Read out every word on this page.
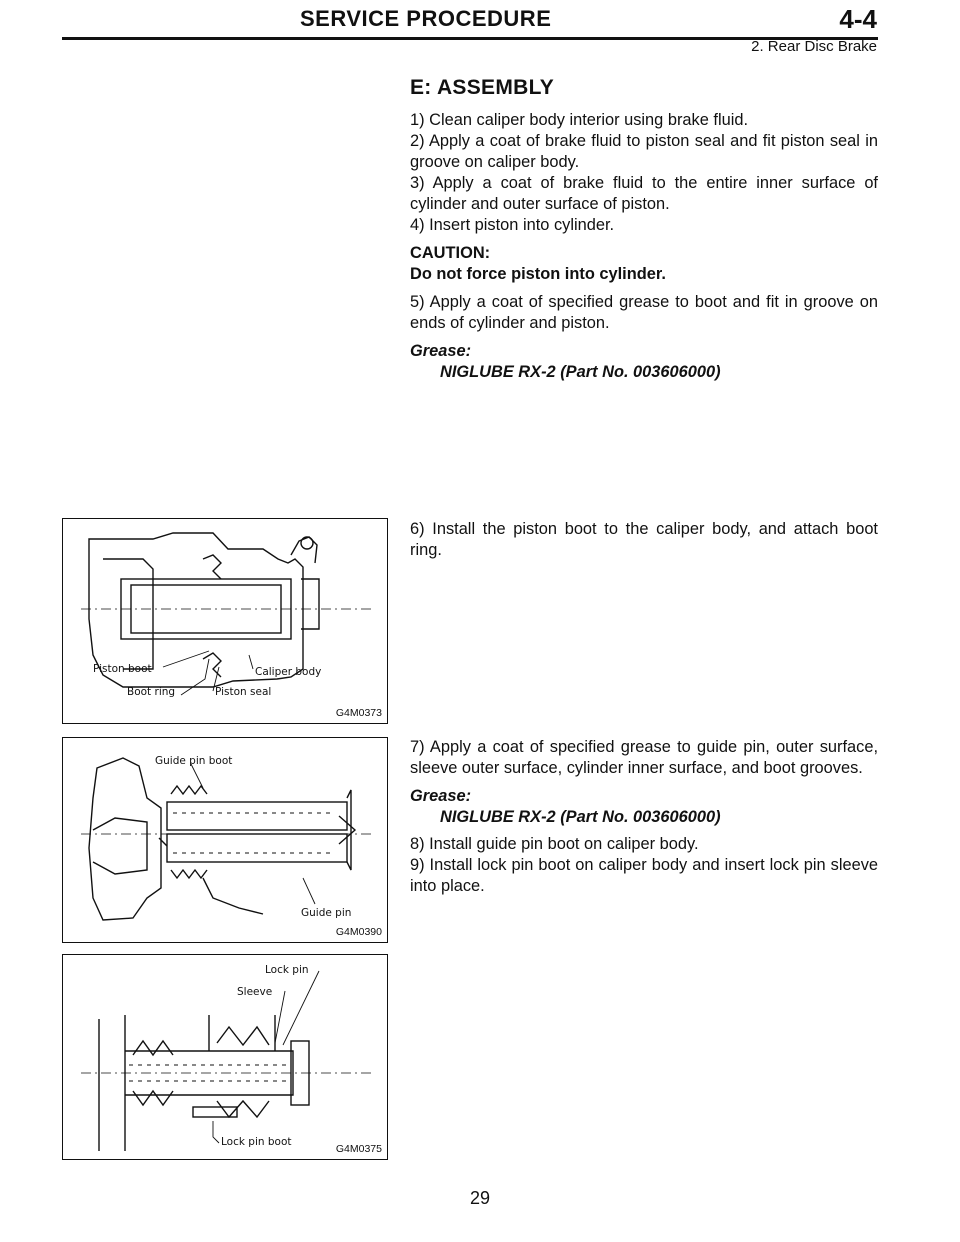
SERVICE PROCEDURE	4-4
2. Rear Disc Brake
E: ASSEMBLY

1) Clean caliper body interior using brake fluid.

2) Apply a coat of brake fluid to piston seal and fit piston seal in groove on caliper body.

3) Apply a coat of brake fluid to the entire inner surface of cylinder and outer surface of piston.

4) Insert piston into cylinder.

CAUTION:

Do not force piston into cylinder.

5) Apply a coat of specified grease to boot and fit in groove on ends of cylinder and piston.

Grease:

NIGLUBE RX-2 (Part No. 003606000)

6) Install the piston boot to the caliper body, and attach boot ring.

7) Apply a coat of specified grease to guide pin, outer surface, sleeve outer surface, cylinder inner surface, and boot grooves.

Grease:

NIGLUBE RX-2 (Part No. 003606000)

8) Install guide pin boot on caliper body.

9) Install lock pin boot on caliper body and insert lock pin sleeve into place.

Piston boot
Boot ring	Piston seal
Caliper body
G4M0373
Guide pin boot
Guide pin
G4M0390
Lock pin
Sleeve
Lock pin boot
G4M0375
29
